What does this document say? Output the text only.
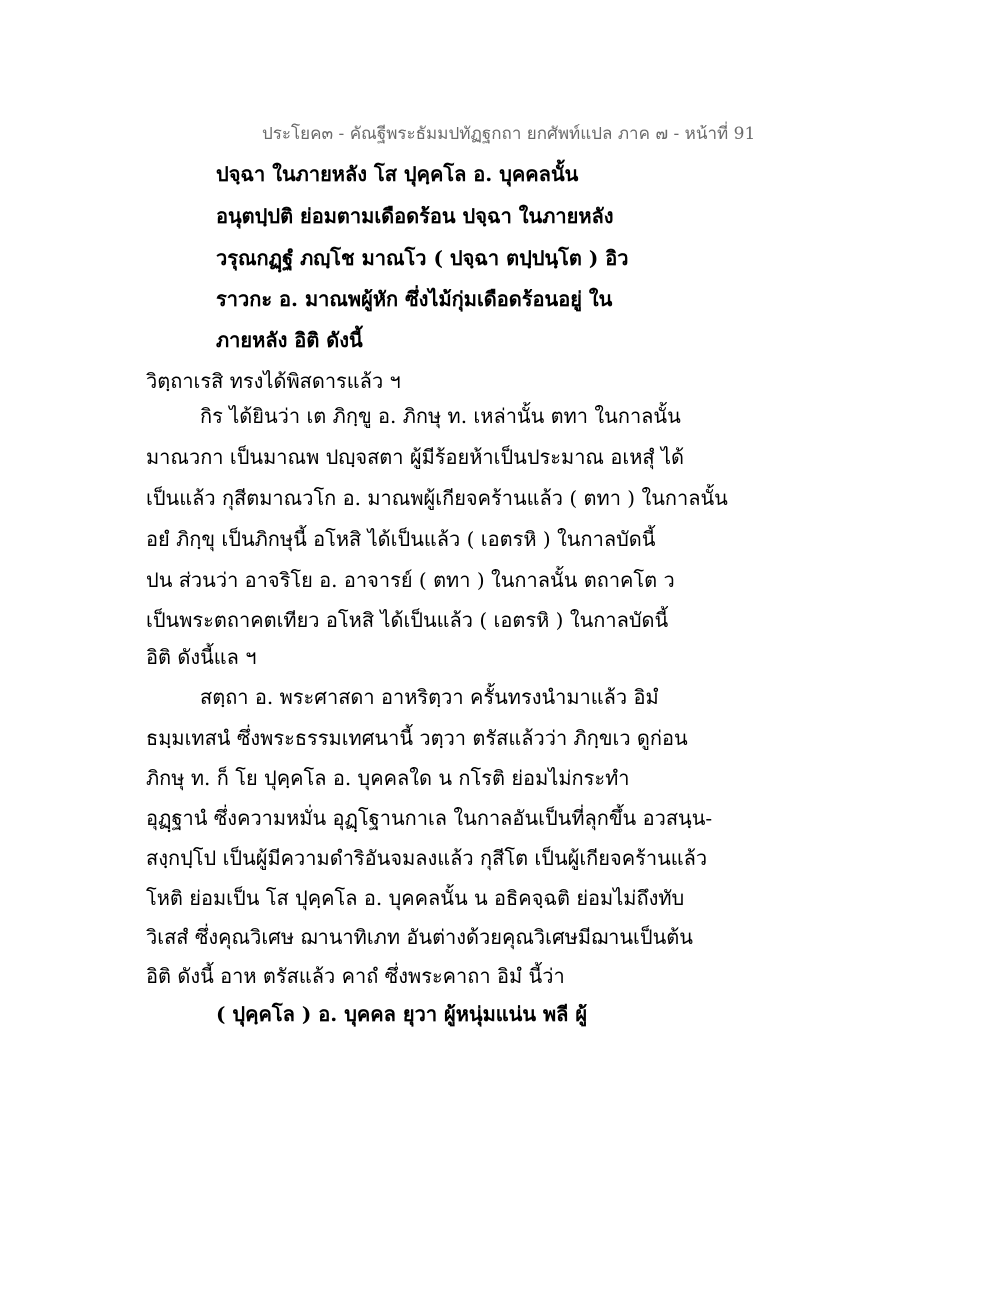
ประโยค๓ - คัณฐีพระธัมมปทัฏฐกถา ยกศัพท์แปล ภาค ๗ - หน้าที่ 91
ปจฺฉา ในภายหลัง โส ปุคฺคโล อ. บุคคลนั้น
อนุตปฺปติ ย่อมตามเดือดร้อน ปจฺฉา ในภายหลัง
วรุณกฏฺฐํ ภญฺโช มาณโว ( ปจฺฉา ตปฺปนฺโต ) อิว
ราวกะ อ. มาณพผู้หัก ซึ่งไม้กุ่มเดือดร้อนอยู่ ใน
ภายหลัง อิติ ดังนี้
วิตฺถาเรสิ ทรงได้พิสดารแล้ว ฯ
กิร ได้ยินว่า เต ภิกฺขู อ. ภิกษุ ท. เหล่านั้น ตทา ในกาลนั้น
มาณวกา เป็นมาณพ ปญฺจสตา ผู้มีร้อยห้าเป็นประมาณ อเหสุํ ได้
เป็นแล้ว กุสีตมาณวโก อ. มาณพผู้เกียจคร้านแล้ว ( ตทา ) ในกาลนั้น
อยํ ภิกฺขุ เป็นภิกษุนี้ อโหสิ ได้เป็นแล้ว ( เอตรหิ ) ในกาลบัดนี้
ปน ส่วนว่า อาจริโย อ. อาจารย์ ( ตทา ) ในกาลนั้น ตถาคโต ว
เป็นพระตถาคตเทียว อโหสิ ได้เป็นแล้ว ( เอตรหิ ) ในกาลบัดนี้
อิติ ดังนี้แล ฯ
สตฺถา อ. พระศาสดา อาหริตฺวา ครั้นทรงนำมาแล้ว อิมํ
ธมฺมเทสนํ ซึ่งพระธรรมเทศนานี้ วตฺวา ตรัสแล้วว่า ภิกฺขเว ดูก่อน
ภิกษุ ท. ก็ โย ปุคฺคโล อ. บุคคลใด น กโรติ ย่อมไม่กระทำ
อุฏฺฐานํ ซึ่งความหมั่น อุฏฺโฐานกาเล ในกาลอันเป็นที่ลุกขึ้น อวสนฺน-
สงฺกปฺโป เป็นผู้มีความดำริอันจมลงแล้ว กุสีโต เป็นผู้เกียจคร้านแล้ว
โหติ ย่อมเป็น โส ปุคฺคโล อ. บุคคลนั้น น อธิคจฺฉติ ย่อมไม่ถึงทับ
วิเสสํ ซึ่งคุณวิเศษ ฌานาทิเภท อันต่างด้วยคุณวิเศษมีฌานเป็นต้น
อิติ ดังนี้ อาห ตรัสแล้ว คาถํ ซึ่งพระคาถา อิมํ นี้ว่า
( ปุคฺคโล ) อ. บุคคล ยุวา ผู้หนุ่มแน่น พลี ผู้
